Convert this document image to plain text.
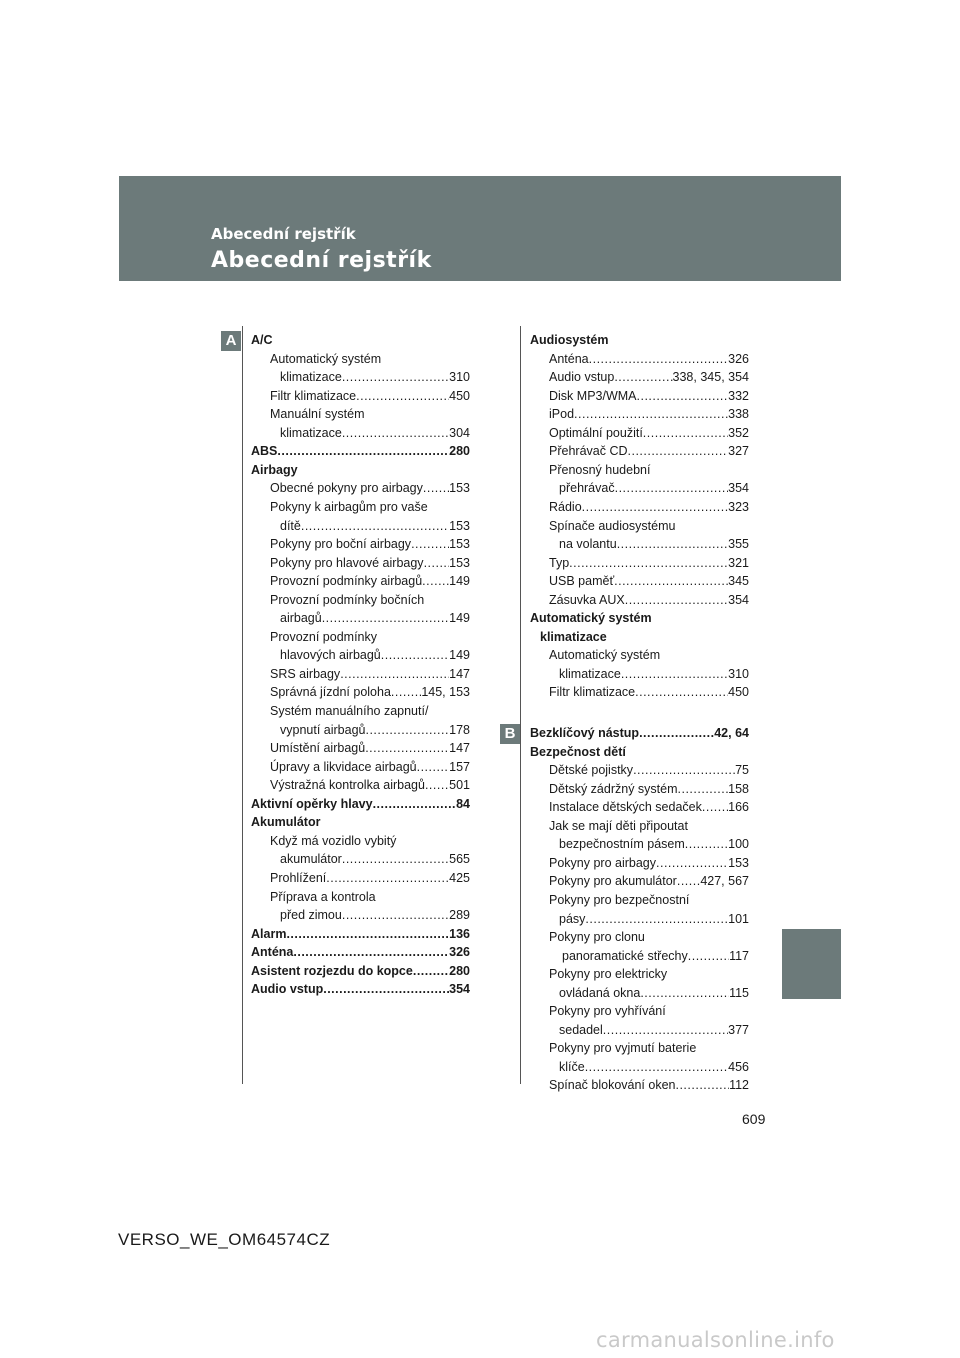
Abecední rejstřík
Abecední rejstřík
A
B
A/C
Automatický systém
klimatizace .....	310
Filtr klimatizace .....	450
Manuální systém
klimatizace .....	304
ABS .....	280
Airbagy
Obecné pokyny pro airbagy ..... 153
Pokyny k airbagům pro vaše
dítě .....	153
Pokyny pro boční airbagy .....	153
Pokyny pro hlavové airbagy ..... 153
Provozní podmínky airbagů ..... 149
Provozní podmínky bočních
airbagů .....	149
Provozní podmínky
hlavových airbagů .....	149
SRS airbagy .....	147
Správná jízdní poloha ..... 145, 153
Systém manuálního zapnutí/
vypnutí airbagů .....	178
Umístění airbagů .....	147
Úpravy a likvidace airbagů .....	157
Výstražná kontrolka airbagů ..... 501
Aktivní opěrky hlavy .....	84
Akumulátor
Když má vozidlo vybitý
akumulátor .....	565
Prohlížení .....	425
Příprava a kontrola
před zimou .....	289
Alarm .....	136
Anténa .....	326
Asistent rozjezdu do kopce .....	280
Audio vstup .....	354
Audiosystém
Anténa .....	326
Audio vstup .....	338, 345, 354
Disk MP3/WMA .....	332
iPod .....	338
Optimální použití .....	352
Přehrávač CD .....	327
Přenosný hudební
přehrávač .....	354
Rádio .....	323
Spínače audiosystému
na volantu .....	355
Typ .....	321
USB paměť .....	345
Zásuvka AUX .....	354
Automatický systém
klimatizace
Automatický systém
klimatizace .....	310
Filtr klimatizace .....	450
Bezklíčový nástup .....	42, 64
Bezpečnost dětí
Dětské pojistky .....	75
Dětský zádržný systém .....	158
Instalace dětských sedaček ..... 166
Jak se mají děti připoutat
bezpečnostním pásem .....	100
Pokyny pro airbagy .....	153
Pokyny pro akumulátor ..... 427, 567
Pokyny pro bezpečnostní
pásy .....	101
Pokyny pro clonu
panoramatické střechy .....	117
Pokyny pro elektricky
ovládaná okna .....	115
Pokyny pro vyhřívání
sedadel .....	377
Pokyny pro vyjmutí baterie
klíče .....	456
Spínač blokování oken .....	112
609
VERSO_WE_OM64574CZ
carmanualsonline.info
